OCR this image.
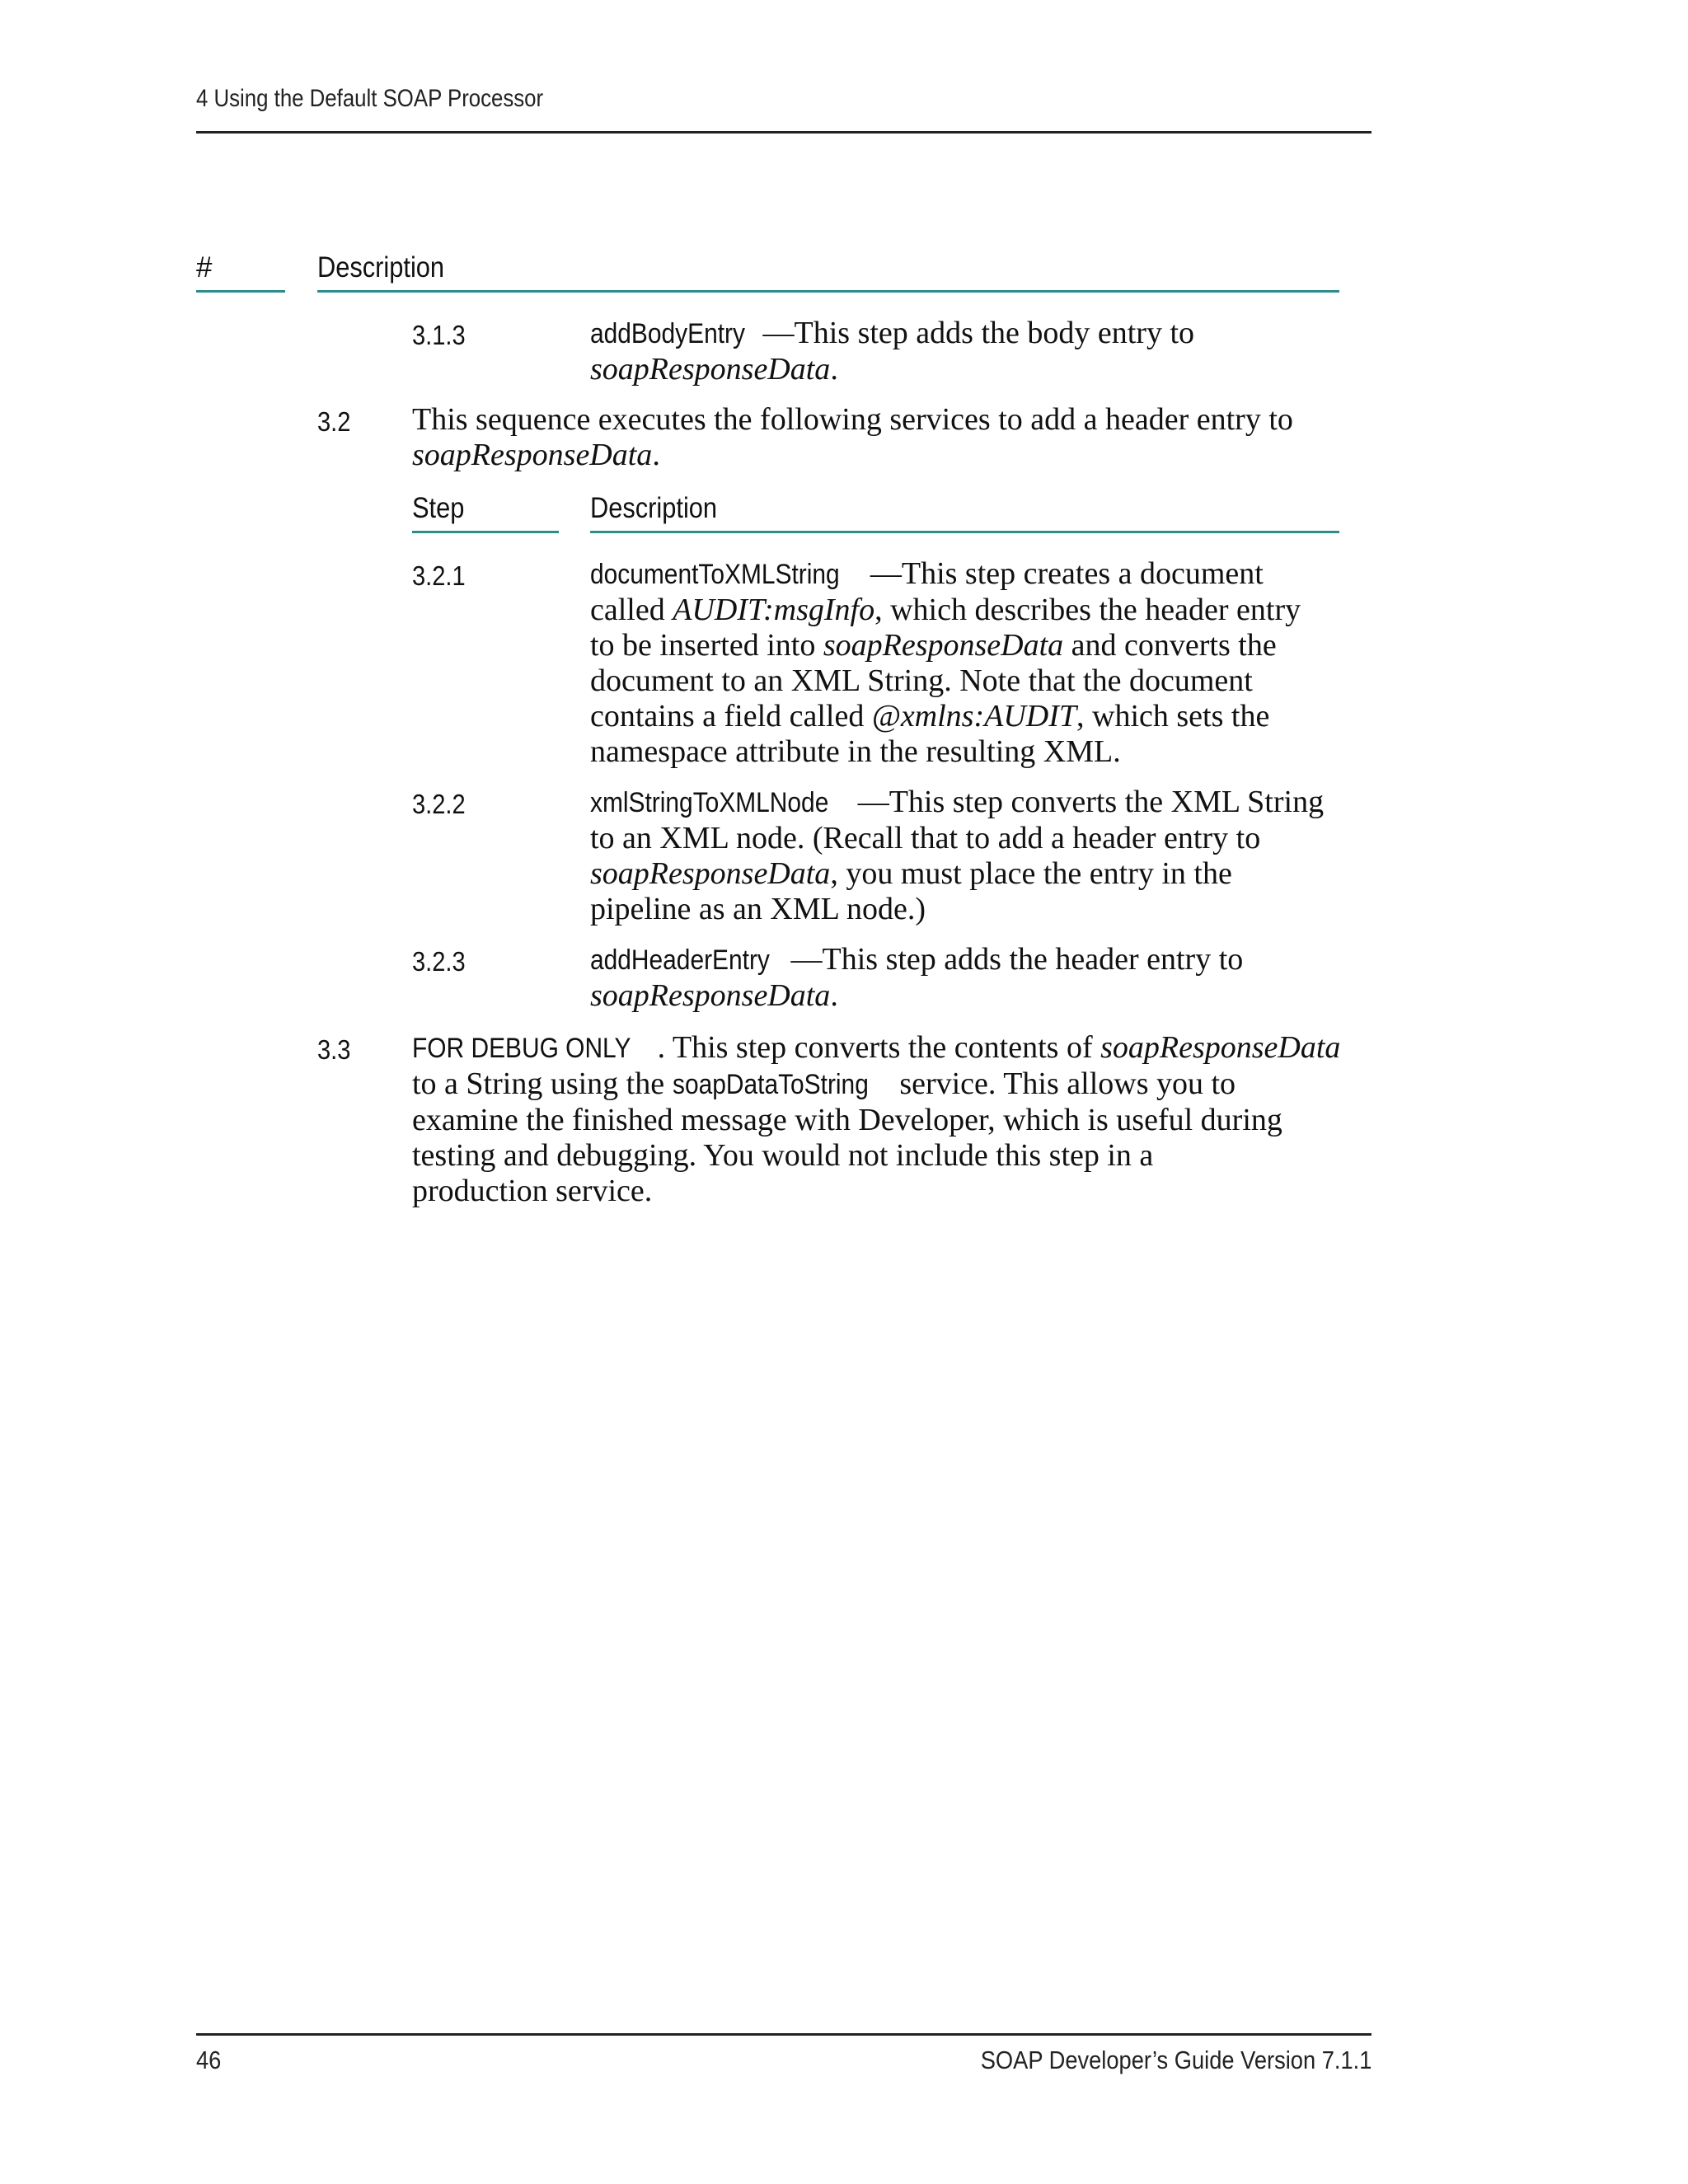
4 Using the Default SOAP Processor
#	Description
3.1.3	addBodyEntry —This step adds the body entry to
soapResponseData.
3.2 This sequence executes the following services to add a header entry to
soapResponseData.
Step	Description
3.2.1	documentToXMLString —This step creates a document
called AUDIT:msgInfo, which describes the header entry
to be inserted into soapResponseData and converts the
document to an XML String. Note that the document
contains a field called @xmlns:AUDIT, which sets the
namespace attribute in the resulting XML.
3.2.2	xmlStringToXMLNode —This step converts the XML String
to an XML node. (Recall that to add a header entry to
soapResponseData, you must place the entry in the
pipeline as an XML node.)
3.2.3	addHeaderEntry —This step adds the header entry to
soapResponseData.
3.3 FOR DEBUG ONLY . This step converts the contents of soapResponseData
to a String using the soapDataToString service. This allows you to
examine the finished message with Developer, which is useful during
testing and debugging. You would not include this step in a
production service.
46	SOAP Developer’s Guide Version 7.1.1
